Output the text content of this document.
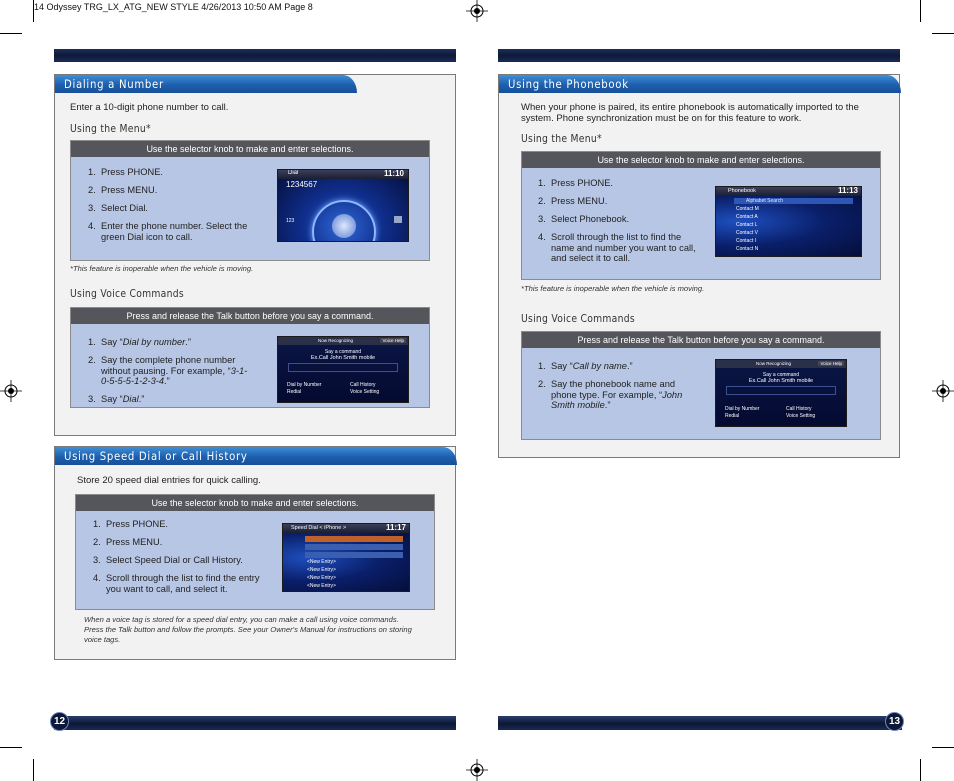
14 Odyssey TRG_LX_ATG_NEW STYLE 4/26/2013 10:50 AM Page 8
Dialing a Number
Enter a 10-digit phone number to call.
Using the Menu*
Use the selector knob to make and enter selections.
1. Press PHONE.
2. Press MENU.
3. Select Dial.
4. Enter the phone number. Select the green Dial icon to call.
Dial	11:10
1234567
123
*This feature is inoperable when the vehicle is moving.
Using Voice Commands
Press and release the Talk button before you say a command.
1. Say “Dial by number.”
2. Say the complete phone number without pausing. For example, “3-1-0-5-5-5-1-2-3-4.”
3. Say “Dial.”
Now Recognizing	Voice Help
Say a command
Ex.Call John Smith mobile
Dial by Number	Call History
Redial	Voice Setting
Using Speed Dial or Call History
Store 20 speed dial entries for quick calling.
Use the selector knob to make and enter selections.
1. Press PHONE.
2. Press MENU.
3. Select Speed Dial or Call History.
4. Scroll through the list to find the entry you want to call, and select it.
Speed Dial < iPhone >	11:17
<New Entry>
<New Entry>
<New Entry>
<New Entry>
When a voice tag is stored for a speed dial entry, you can make a call using voice commands. Press the Talk button and follow the prompts. See your Owner's Manual for instructions on storing voice tags.
Using the Phonebook
When your phone is paired, its entire phonebook is automatically imported to the system. Phone synchronization must be on for this feature to work.
Using the Menu*
Use the selector knob to make and enter selections.
1. Press PHONE.
2. Press MENU.
3. Select Phonebook.
4. Scroll through the list to find the name and number you want to call, and select it to call.
Phonebook	11:13
Alphabet Search
Contact M
Contact A
Contact L
Contact V
Contact I
Contact N
*This feature is inoperable when the vehicle is moving.
Using Voice Commands
Press and release the Talk button before you say a command.
1. Say “Call by name.”
2. Say the phonebook name and phone type. For example, “John Smith mobile.”
Now Recognizing	Voice Help
Say a command
Ex.Call John Smith mobile
Dial by Number	Call History
Redial	Voice Setting
12	13
